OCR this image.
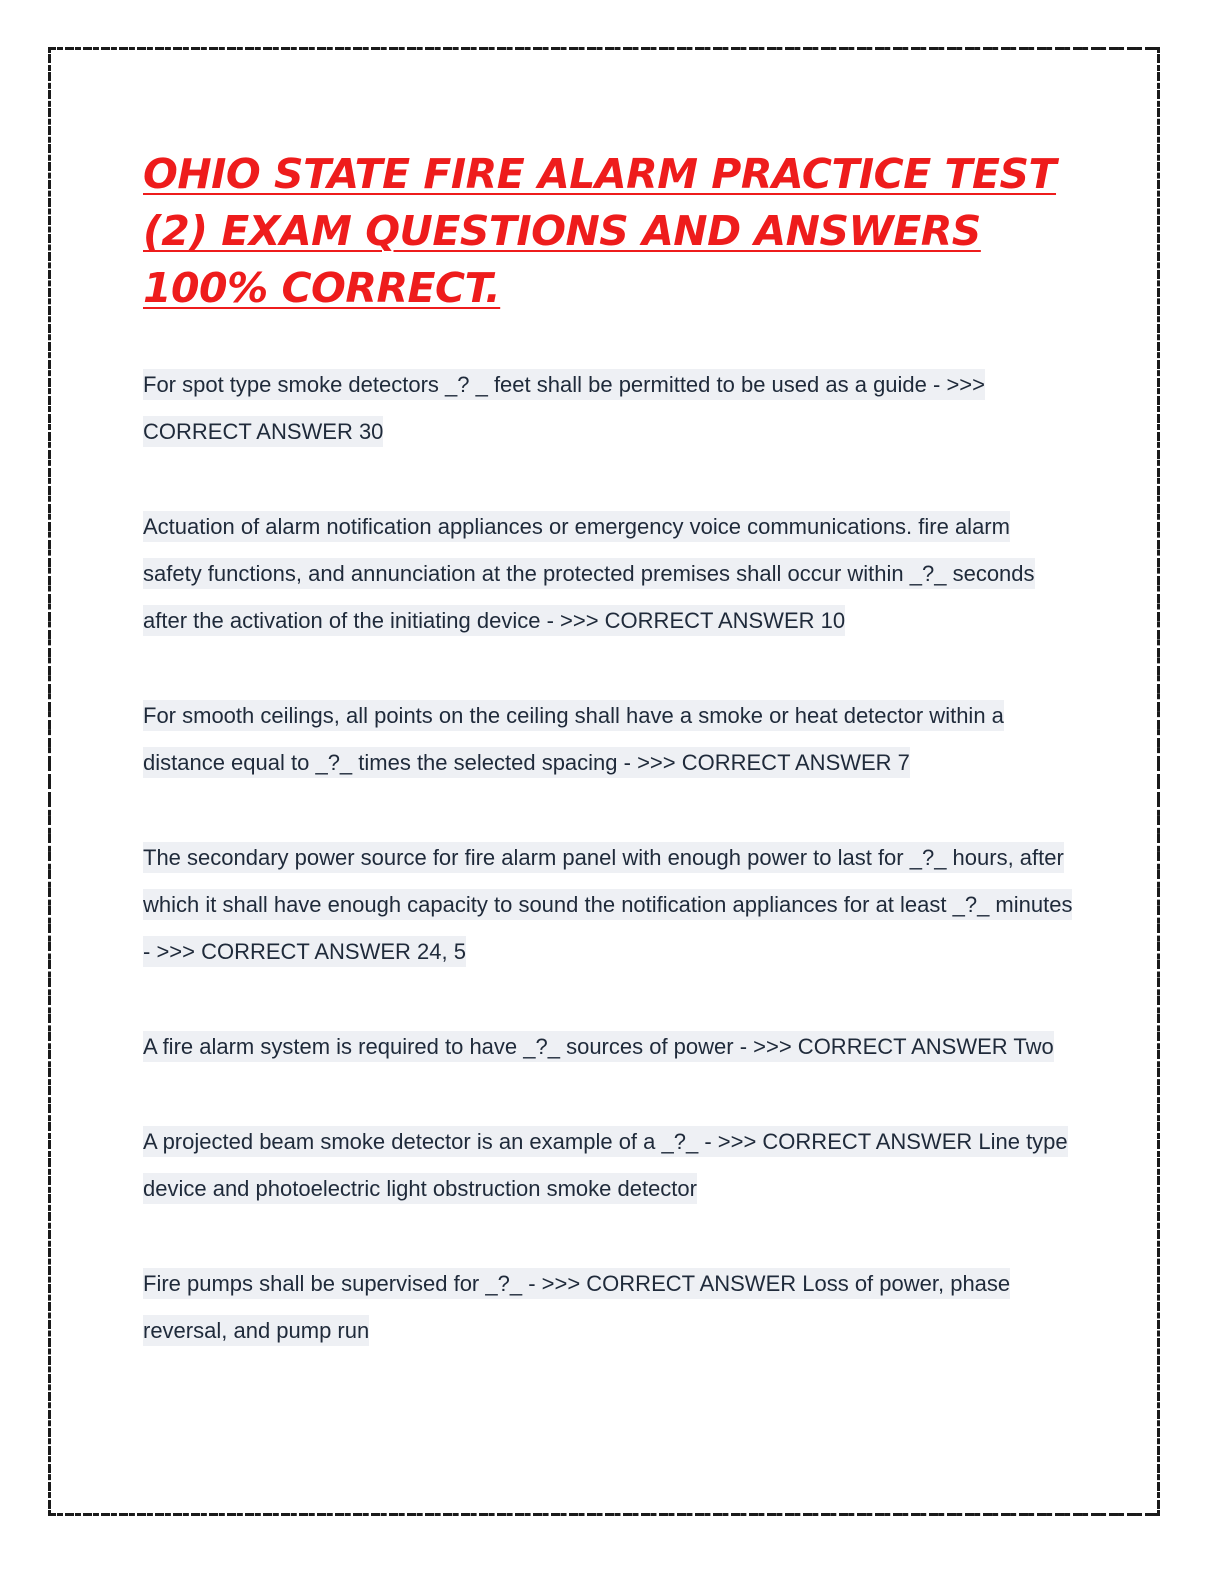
OHIO STATE FIRE ALARM PRACTICE TEST (2) EXAM QUESTIONS AND ANSWERS 100% CORRECT.
For spot type smoke detectors _? _ feet shall be permitted to be used as a guide - >>> CORRECT ANSWER 30
Actuation of alarm notification appliances or emergency voice communications. fire alarm safety functions, and annunciation at the protected premises shall occur within _?_ seconds after the activation of the initiating device - >>> CORRECT ANSWER 10
For smooth ceilings, all points on the ceiling shall have a smoke or heat detector within a distance equal to _?_ times the selected spacing - >>> CORRECT ANSWER 7
The secondary power source for fire alarm panel with enough power to last for _?_ hours, after which it shall have enough capacity to sound the notification appliances for at least _?_ minutes - >>> CORRECT ANSWER 24, 5
A fire alarm system is required to have _?_ sources of power - >>> CORRECT ANSWER Two
A projected beam smoke detector is an example of a _?_ - >>> CORRECT ANSWER Line type device and photoelectric light obstruction smoke detector
Fire pumps shall be supervised for _?_ - >>> CORRECT ANSWER Loss of power, phase reversal, and pump run
